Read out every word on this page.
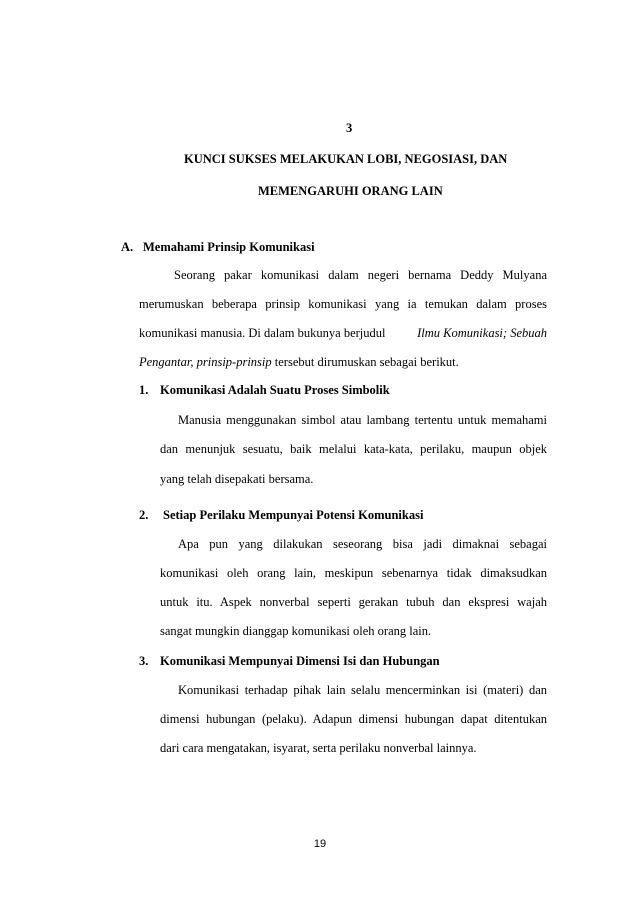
3
KUNCI SUKSES MELAKUKAN LOBI, NEGOSIASI, DAN
MEMENGARUHI ORANG LAIN
A. Memahami Prinsip Komunikasi
Seorang pakar komunikasi dalam negeri bernama Deddy Mulyana
merumuskan beberapa prinsip komunikasi yang ia temukan dalam proses
komunikasi manusia. Di dalam bukunya berjudul	Ilmu Komunikasi; Sebuah
Pengantar, prinsip-prinsip tersebut dirumuskan sebagai berikut.
1. Komunikasi Adalah Suatu Proses Simbolik
Manusia menggunakan simbol atau lambang tertentu untuk memahami
dan menunjuk sesuatu, baik melalui kata-kata, perilaku, maupun objek
yang telah disepakati bersama.
2. Setiap Perilaku Mempunyai Potensi Komunikasi
Apa pun yang dilakukan seseorang bisa jadi dimaknai sebagai
komunikasi oleh orang lain, meskipun sebenarnya tidak dimaksudkan
untuk itu. Aspek nonverbal seperti gerakan tubuh dan ekspresi wajah
sangat mungkin dianggap komunikasi oleh orang lain.
3. Komunikasi Mempunyai Dimensi Isi dan Hubungan
Komunikasi terhadap pihak lain selalu mencerminkan isi (materi) dan
dimensi hubungan (pelaku). Adapun dimensi hubungan dapat ditentukan
dari cara mengatakan, isyarat, serta perilaku nonverbal lainnya.
19
